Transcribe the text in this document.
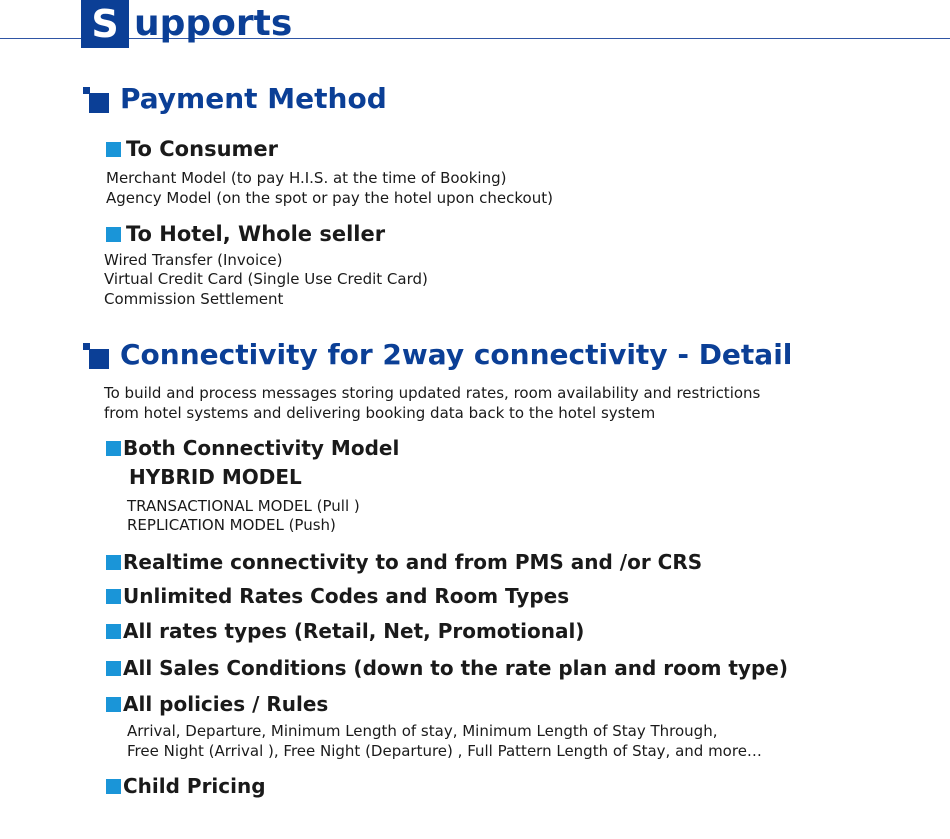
S upports
Payment Method
To Consumer
Merchant Model (to pay H.I.S. at the time of Booking)
Agency Model (on the spot or pay the hotel upon checkout)
To Hotel, Whole seller
Wired Transfer (Invoice)
Virtual Credit Card (Single Use Credit Card)
Commission Settlement
Connectivity for 2way connectivity - Detail
To build and process messages storing updated rates, room availability and restrictions
from hotel systems and delivering booking data back to the hotel system
Both Connectivity Model
HYBRID MODEL
TRANSACTIONAL MODEL (Pull )
REPLICATION MODEL (Push)
Realtime connectivity to and from PMS and /or CRS
Unlimited Rates Codes and Room Types
All rates types (Retail, Net, Promotional)
All Sales Conditions (down to the rate plan and room type)
All policies / Rules
Arrival, Departure, Minimum Length of stay, Minimum Length of Stay Through,
Free Night (Arrival ), Free Night (Departure) , Full Pattern Length of Stay, and more…
Child Pricing
